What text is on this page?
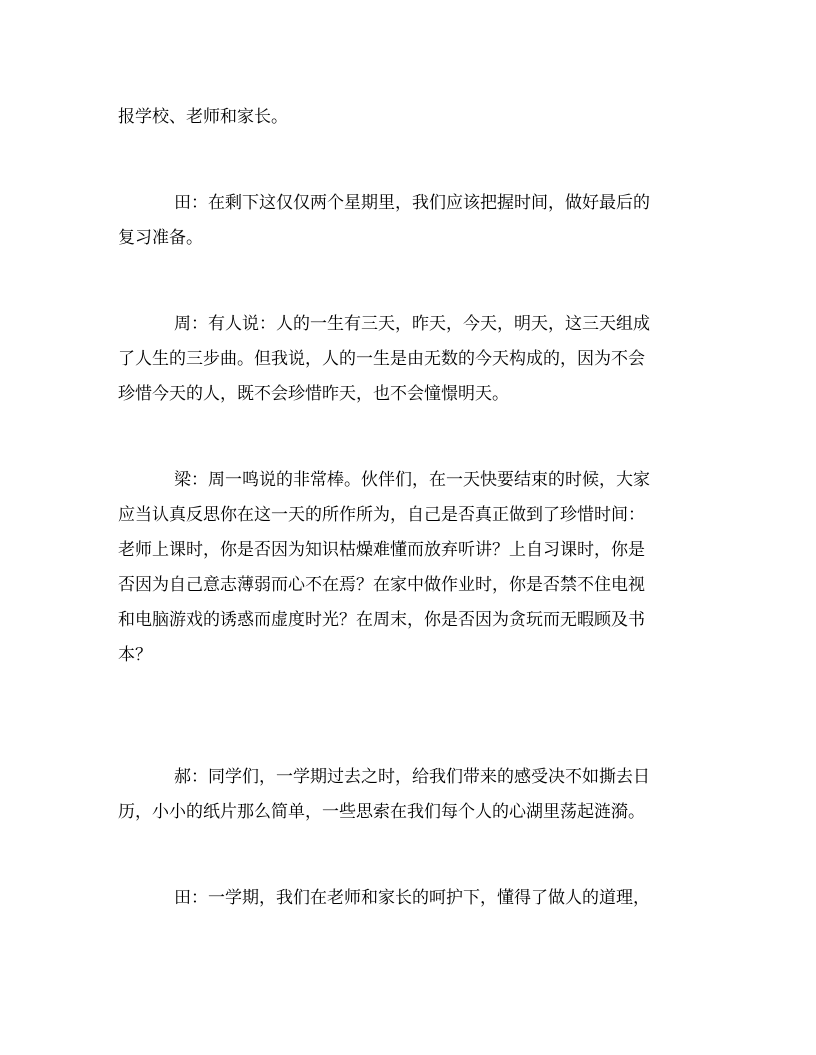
报学校、老师和家长。
田：在剩下这仅仅两个星期里，我们应该把握时间，做好最后的
复习准备。
周：有人说：人的一生有三天，昨天，今天，明天，这三天组成
了人生的三步曲。但我说，人的一生是由无数的今天构成的，因为不会
珍惜今天的人，既不会珍惜昨天，也不会憧憬明天。
梁：周一鸣说的非常棒。伙伴们，在一天快要结束的时候，大家
应当认真反思你在这一天的所作所为，自己是否真正做到了珍惜时间：
老师上课时，你是否因为知识枯燥难懂而放弃听讲？上自习课时，你是
否因为自己意志薄弱而心不在焉？在家中做作业时，你是否禁不住电视
和电脑游戏的诱惑而虚度时光？在周末，你是否因为贪玩而无暇顾及书
本？
郝：同学们，一学期过去之时，给我们带来的感受决不如撕去日
历，小小的纸片那么简单，一些思索在我们每个人的心湖里荡起涟漪。
田：一学期，我们在老师和家长的呵护下，懂得了做人的道理，
